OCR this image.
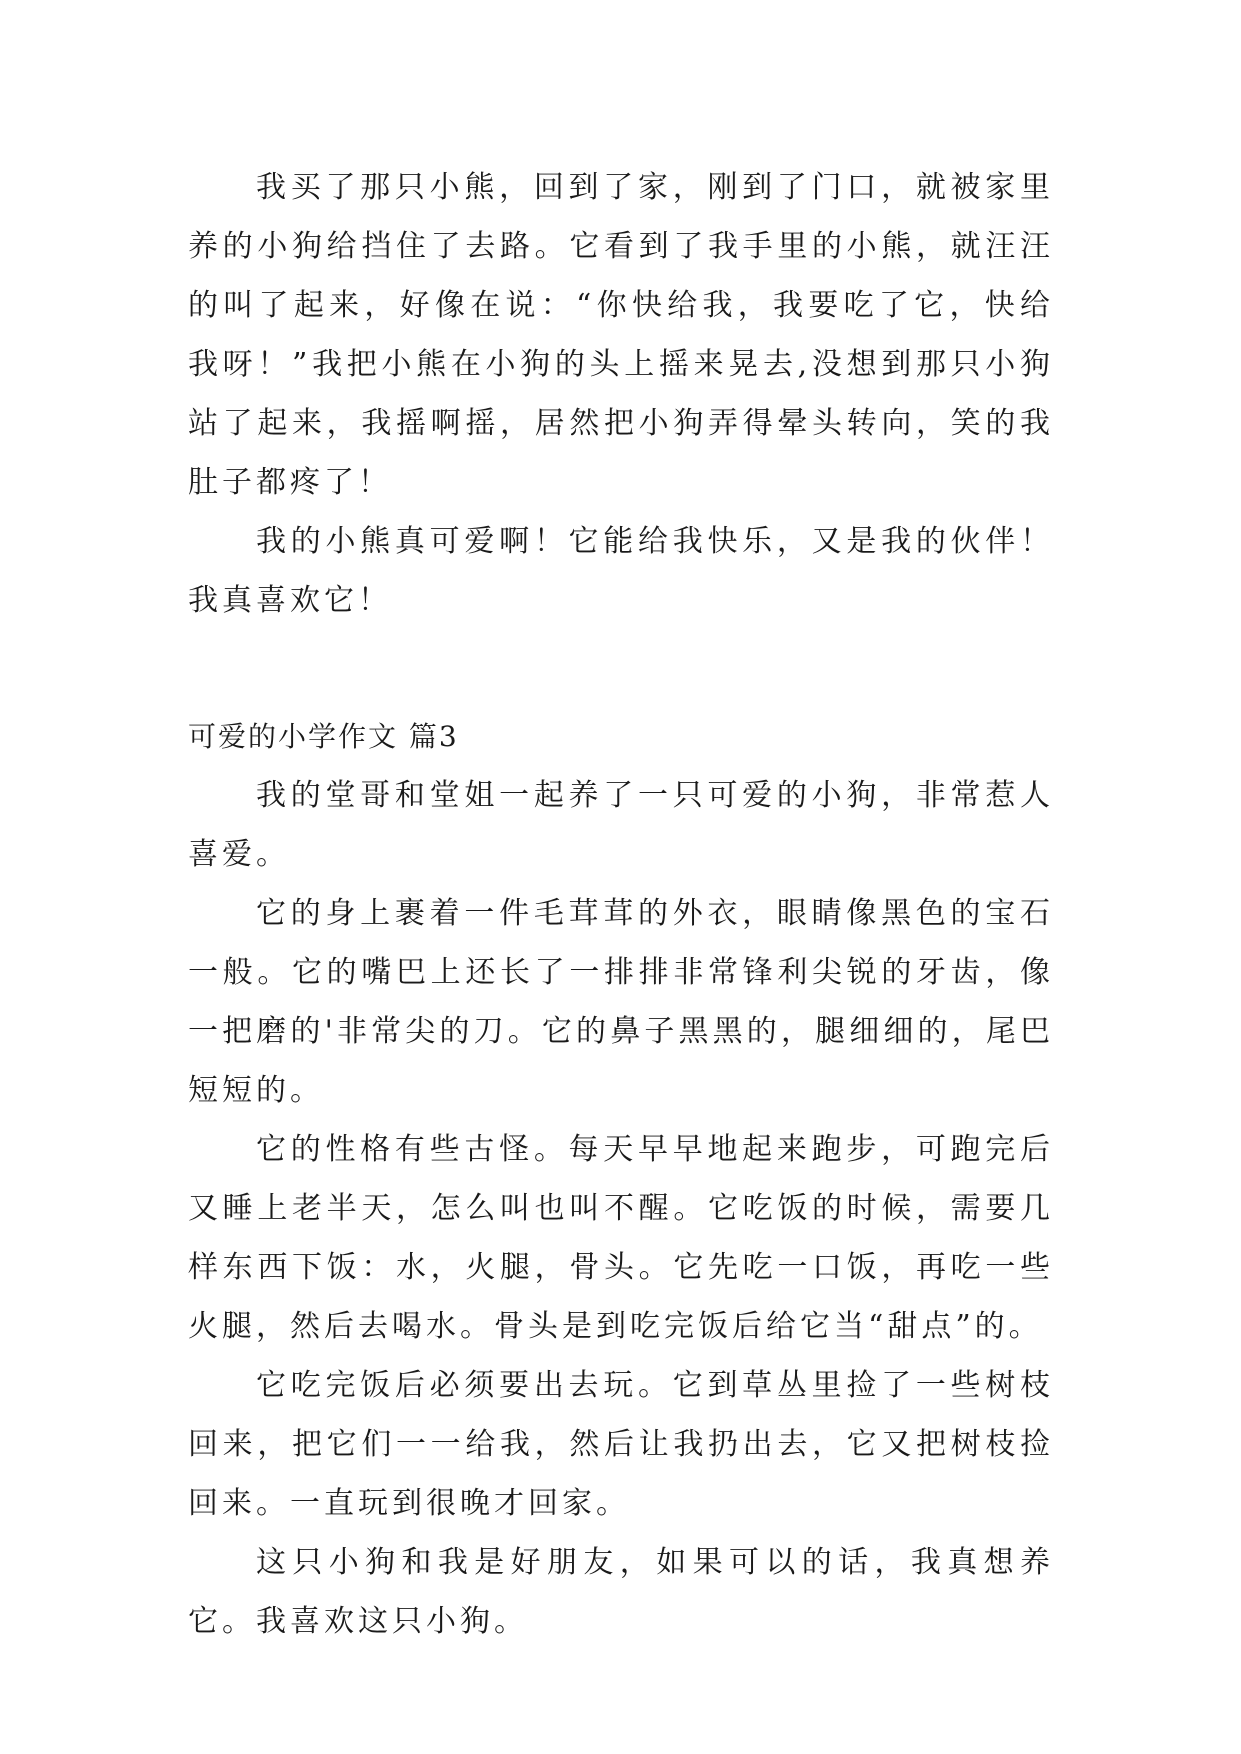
我买了那只小熊，回到了家，刚到了门口，就被家里养的小狗给挡住了去路。它看到了我手里的小熊，就汪汪的叫了起来，好像在说：“你快给我，我要吃了它，快给我呀！”我把小熊在小狗的头上摇来晃去,没想到那只小狗站了起来，我摇啊摇，居然把小狗弄得晕头转向，笑的我肚子都疼了！

我的小熊真可爱啊！它能给我快乐，又是我的伙伴！我真喜欢它！

可爱的小学作文 篇3

我的堂哥和堂姐一起养了一只可爱的小狗，非常惹人喜爱。

它的身上裹着一件毛茸茸的外衣，眼睛像黑色的宝石一般。它的嘴巴上还长了一排排非常锋利尖锐的牙齿，像一把磨的'非常尖的刀。它的鼻子黑黑的，腿细细的，尾巴短短的。

它的性格有些古怪。每天早早地起来跑步，可跑完后又睡上老半天，怎么叫也叫不醒。它吃饭的时候，需要几样东西下饭：水，火腿，骨头。它先吃一口饭，再吃一些火腿，然后去喝水。骨头是到吃完饭后给它当“甜点”的。

它吃完饭后必须要出去玩。它到草丛里捡了一些树枝回来，把它们一一给我，然后让我扔出去，它又把树枝捡回来。一直玩到很晚才回家。

这只小狗和我是好朋友，如果可以的话，我真想养它。我喜欢这只小狗。
